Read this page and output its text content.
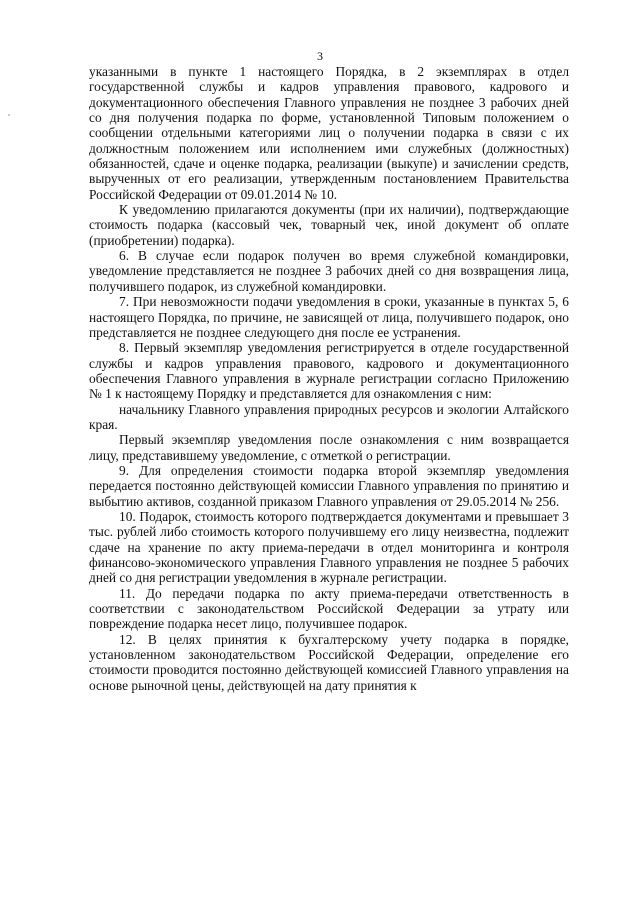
3

указанными в пункте 1 настоящего Порядка, в 2 экземплярах в отдел государственной службы и кадров управления правового, кадрового и документационного обеспечения Главного управления не позднее 3 рабочих дней со дня получения подарка по форме, установленной Типовым положением о сообщении отдельными категориями лиц о получении подарка в связи с их должностным положением или исполнением ими служебных (должностных) обязанностей, сдаче и оценке подарка, реализации (выкупе) и зачислении средств, вырученных от его реализации, утвержденным постановлением Правительства Российской Федерации от 09.01.2014 № 10.

К уведомлению прилагаются документы (при их наличии), подтверждающие стоимость подарка (кассовый чек, товарный чек, иной документ об оплате (приобретении) подарка).

6. В случае если подарок получен во время служебной командировки, уведомление представляется не позднее 3 рабочих дней со дня возвращения лица, получившего подарок, из служебной командировки.

7. При невозможности подачи уведомления в сроки, указанные в пунктах 5, 6 настоящего Порядка, по причине, не зависящей от лица, получившего подарок, оно представляется не позднее следующего дня после ее устранения.

8. Первый экземпляр уведомления регистрируется в отделе государственной службы и кадров управления правового, кадрового и документационного обеспечения Главного управления в журнале регистрации согласно Приложению № 1 к настоящему Порядку и представляется для ознакомления с ним:

начальнику Главного управления природных ресурсов и экологии Алтайского края.

Первый экземпляр уведомления после ознакомления с ним возвращается лицу, представившему уведомление, с отметкой о регистрации.

9. Для определения стоимости подарка второй экземпляр уведомления передается постоянно действующей комиссии Главного управления по принятию и выбытию активов, созданной приказом Главного управления от 29.05.2014 № 256.

10. Подарок, стоимость которого подтверждается документами и превышает 3 тыс. рублей либо стоимость которого получившему его лицу неизвестна, подлежит сдаче на хранение по акту приема-передачи в отдел мониторинга и контроля финансово-экономического управления Главного управления не позднее 5 рабочих дней со дня регистрации уведомления в журнале регистрации.

11. До передачи подарка по акту приема-передачи ответственность в соответствии с законодательством Российской Федерации за утрату или повреждение подарка несет лицо, получившее подарок.

12. В целях принятия к бухгалтерскому учету подарка в порядке, установленном законодательством Российской Федерации, определение его стоимости проводится постоянно действующей комиссией Главного управления на основе рыночной цены, действующей на дату принятия к
